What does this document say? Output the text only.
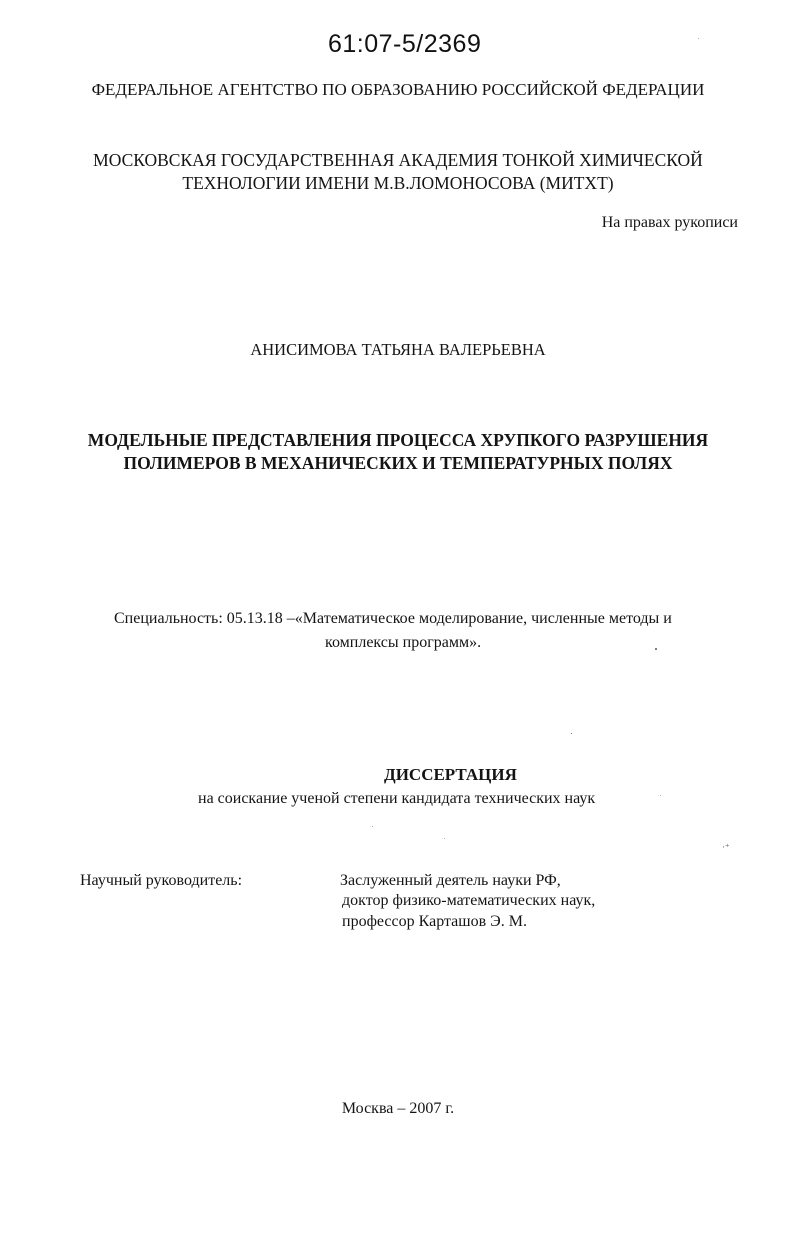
61:07-5/2369
ФЕДЕРАЛЬНОЕ АГЕНТСТВО ПО ОБРАЗОВАНИЮ РОССИЙСКОЙ ФЕДЕРАЦИИ
МОСКОВСКАЯ ГОСУДАРСТВЕННАЯ АКАДЕМИЯ ТОНКОЙ ХИМИЧЕСКОЙ
ТЕХНОЛОГИИ ИМЕНИ М.В.ЛОМОНОСОВА (МИТХТ)
На правах рукописи
АНИСИМОВА ТАТЬЯНА ВАЛЕРЬЕВНА
МОДЕЛЬНЫЕ ПРЕДСТАВЛЕНИЯ ПРОЦЕССА ХРУПКОГО РАЗРУШЕНИЯ
ПОЛИМЕРОВ В МЕХАНИЧЕСКИХ И ТЕМПЕРАТУРНЫХ ПОЛЯХ
Специальность: 05.13.18 –«Математическое моделирование, численные методы и
комплексы программ».
ДИССЕРТАЦИЯ
на соискание ученой степени кандидата технических наук
Научный руководитель:	Заслуженный деятель науки РФ,
доктор физико-математических наук,
профессор Карташов Э. М.
Москва – 2007 г.
·⁺
